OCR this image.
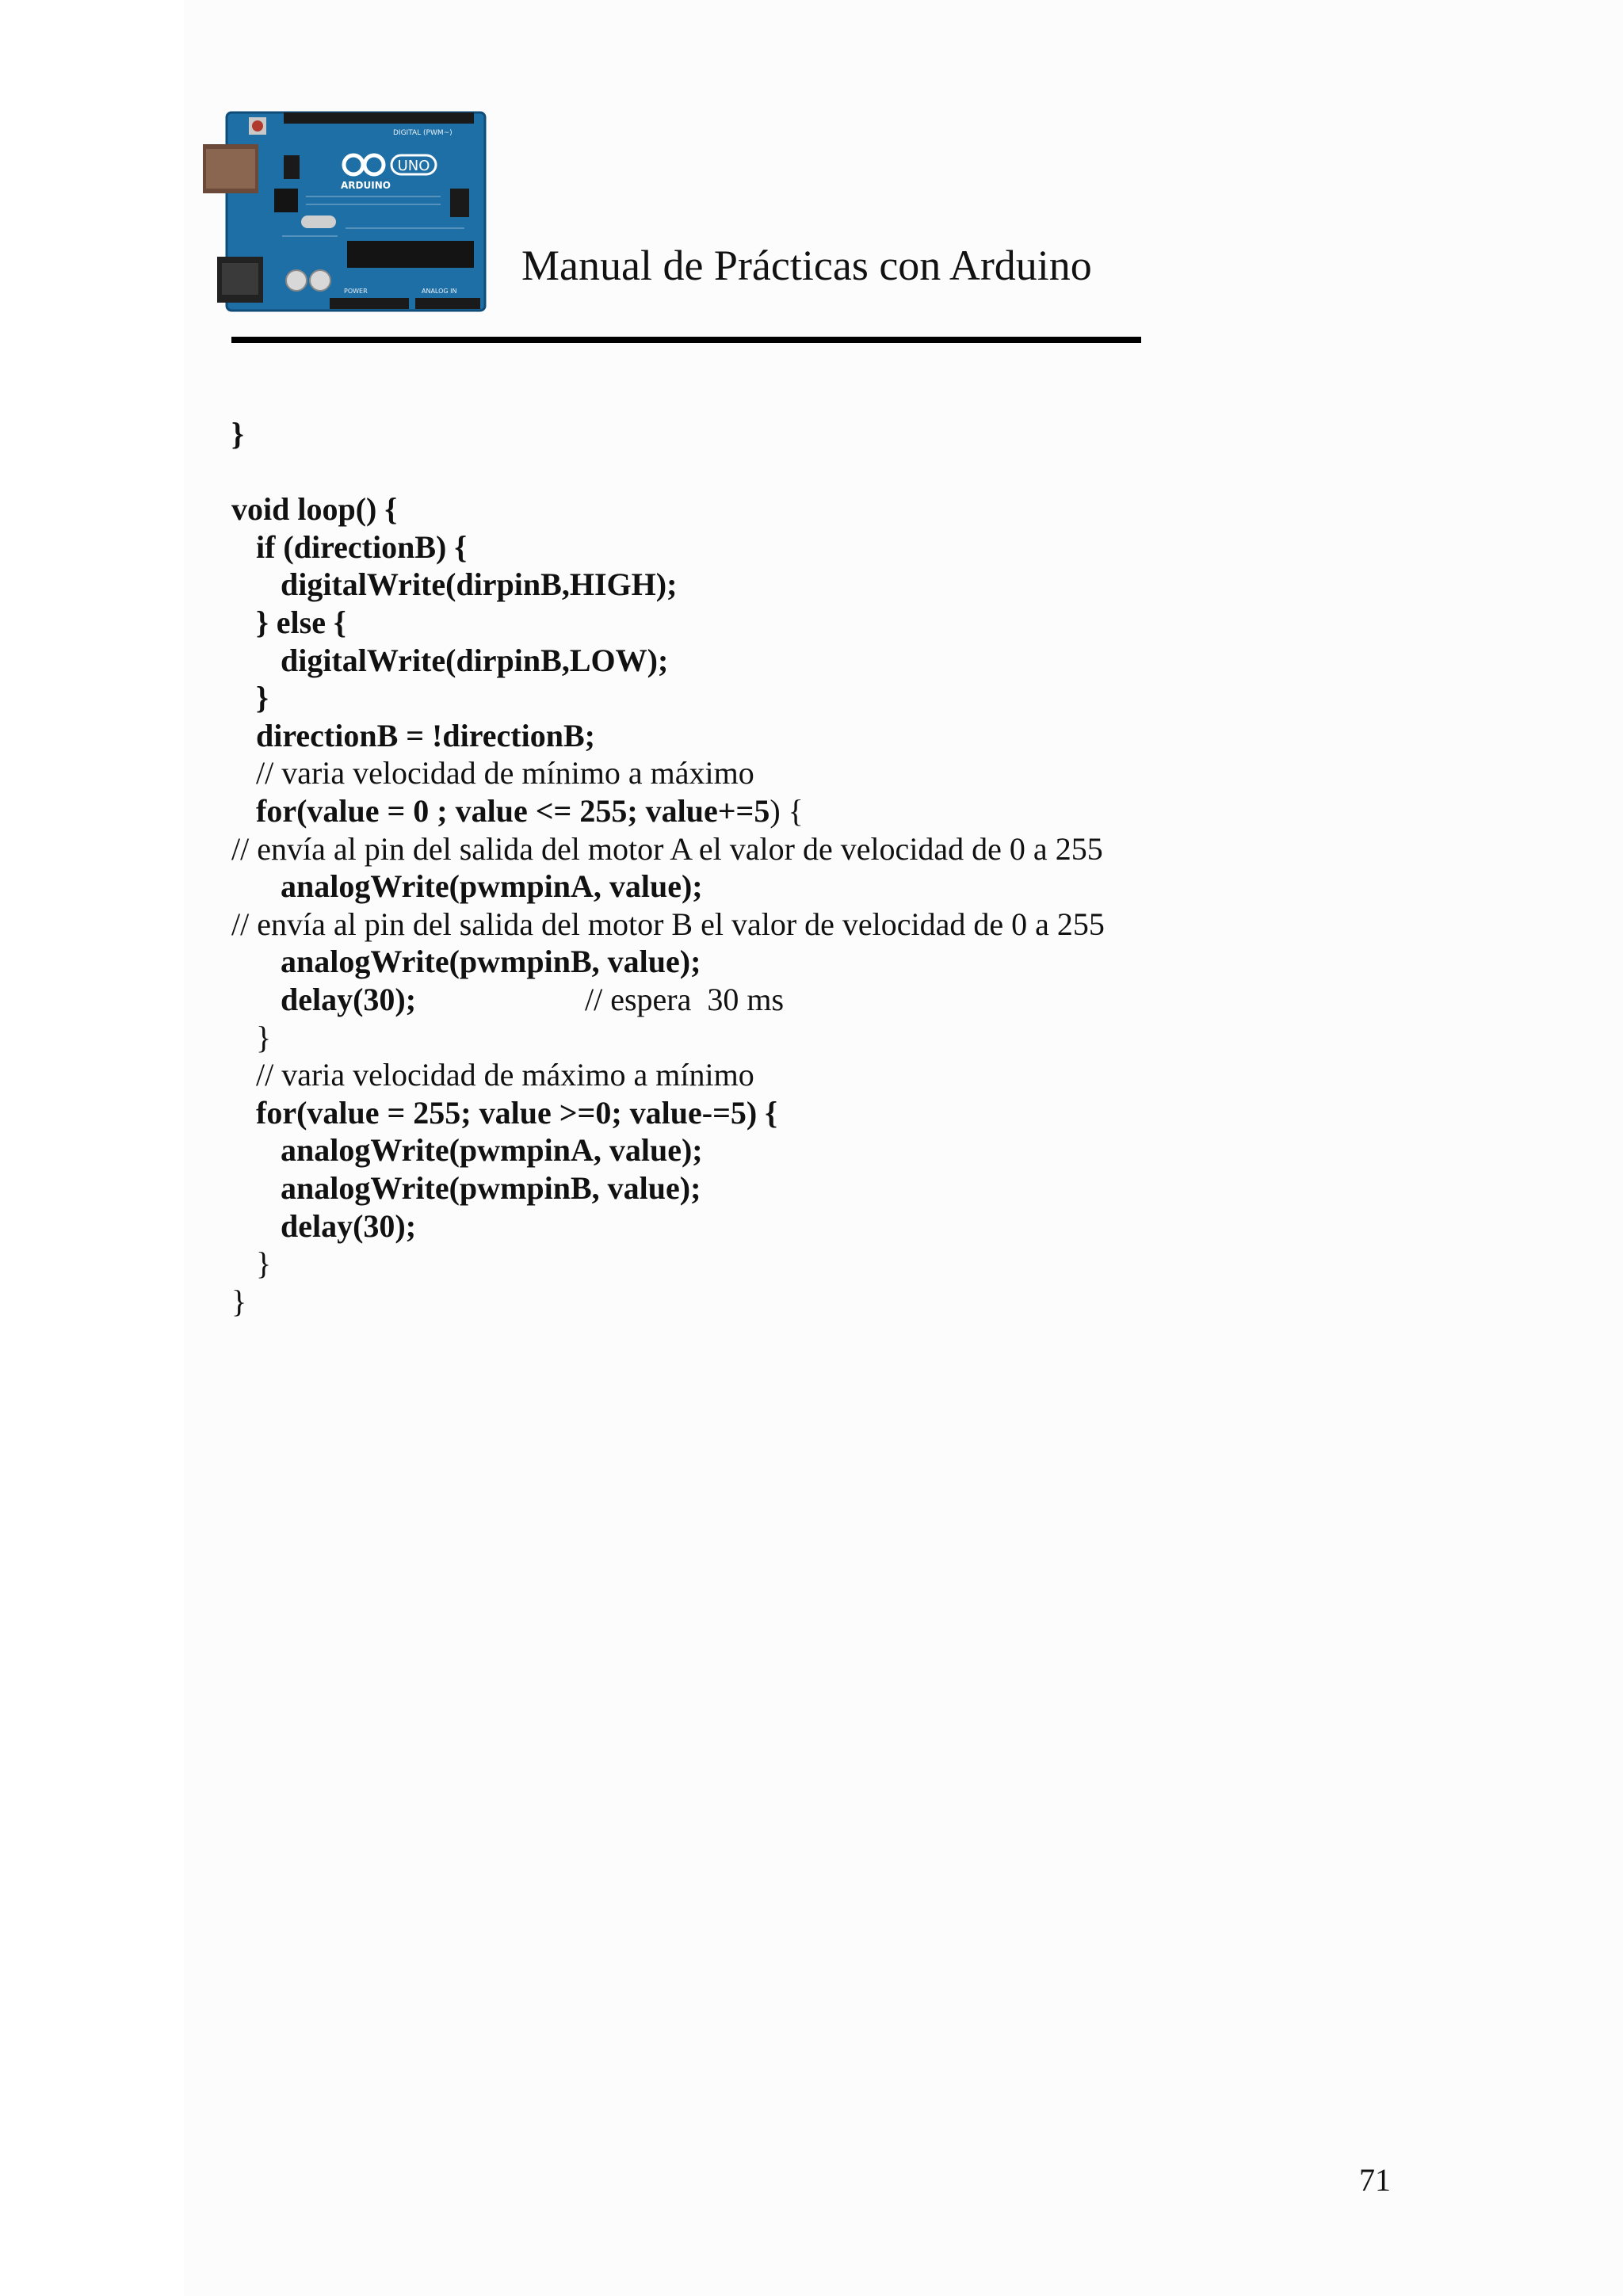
UNO
ARDUINO
DIGITAL (PWM~)
POWER	ANALOG IN
Manual de Prácticas con Arduino
}
void loop() {
if (directionB) {
digitalWrite(dirpinB,HIGH);
} else {
digitalWrite(dirpinB,LOW);
}
directionB = !directionB;
// varia velocidad de mínimo a máximo
for(value = 0 ; value <= 255; value+=5) {
// envía al pin del salida del motor A el valor de velocidad de 0 a 255
analogWrite(pwmpinA, value);
// envía al pin del salida del motor B el valor de velocidad de 0 a 255
analogWrite(pwmpinB, value);
delay(30);	// espera  30 ms
}
// varia velocidad de máximo a mínimo
for(value = 255; value >=0; value-=5) {
analogWrite(pwmpinA, value);
analogWrite(pwmpinB, value);
delay(30);
}
}
71
